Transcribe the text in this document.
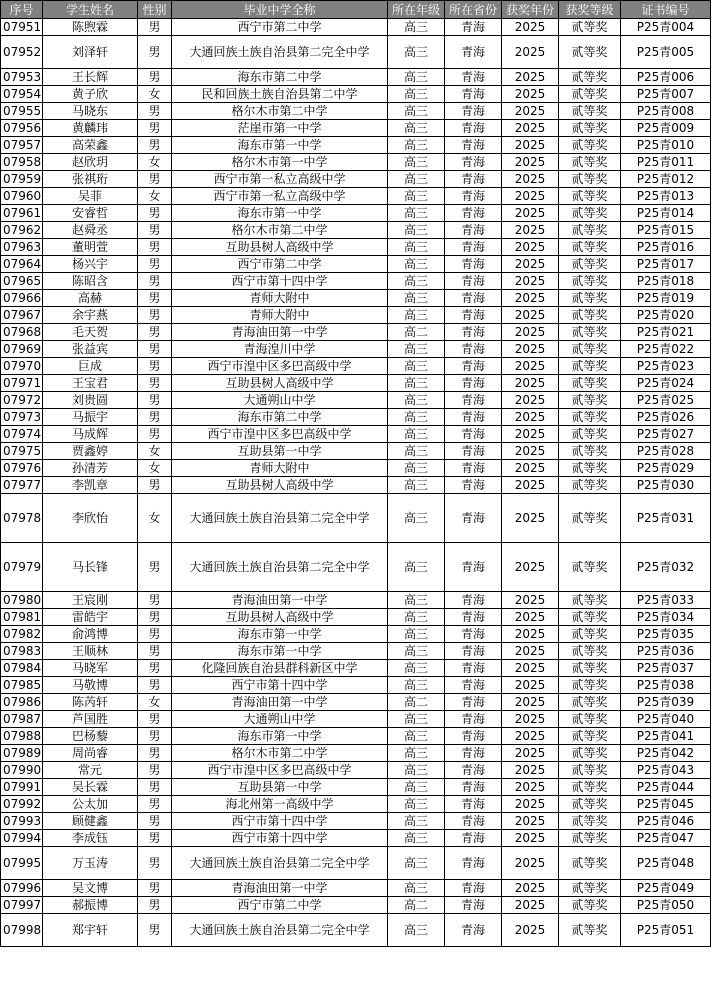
序号	学生姓名	性别	毕业中学全称	所在年级	所在省份	获奖年份	获奖等级	证书编号
07951	陈煦霖	男	西宁市第二中学	高三	青海	2025	贰等奖	P25青004
07952	刘泽轩	男	大通回族土族自治县第二完全中学	高三	青海	2025	贰等奖	P25青005
07953	王长辉	男	海东市第二中学	高三	青海	2025	贰等奖	P25青006
07954	黄子欣	女	民和回族土族自治县第二中学	高三	青海	2025	贰等奖	P25青007
07955	马晓东	男	格尔木市第二中学	高三	青海	2025	贰等奖	P25青008
07956	黄麟玮	男	茫崖市第一中学	高三	青海	2025	贰等奖	P25青009
07957	高荣鑫	男	海东市第一中学	高三	青海	2025	贰等奖	P25青010
07958	赵欣玥	女	格尔木市第一中学	高三	青海	2025	贰等奖	P25青011
07959	张祺珩	男	西宁市第一私立高级中学	高三	青海	2025	贰等奖	P25青012
07960	吴菲	女	西宁市第一私立高级中学	高三	青海	2025	贰等奖	P25青013
07961	安睿哲	男	海东市第一中学	高三	青海	2025	贰等奖	P25青014
07962	赵舜丞	男	格尔木市第二中学	高三	青海	2025	贰等奖	P25青015
07963	董明萱	男	互助县树人高级中学	高三	青海	2025	贰等奖	P25青016
07964	杨兴宇	男	西宁市第二中学	高三	青海	2025	贰等奖	P25青017
07965	陈昭含	男	西宁市第十四中学	高三	青海	2025	贰等奖	P25青018
07966	高赫	男	青师大附中	高三	青海	2025	贰等奖	P25青019
07967	余宇燕	男	青师大附中	高三	青海	2025	贰等奖	P25青020
07968	毛天贺	男	青海油田第一中学	高二	青海	2025	贰等奖	P25青021
07969	张益宾	男	青海湟川中学	高三	青海	2025	贰等奖	P25青022
07970	巨成	男	西宁市湟中区多巴高级中学	高三	青海	2025	贰等奖	P25青023
07971	王宝君	男	互助县树人高级中学	高三	青海	2025	贰等奖	P25青024
07972	刘贵圆	男	大通朔山中学	高三	青海	2025	贰等奖	P25青025
07973	马振宇	男	海东市第二中学	高三	青海	2025	贰等奖	P25青026
07974	马成辉	男	西宁市湟中区多巴高级中学	高三	青海	2025	贰等奖	P25青027
07975	贾鑫婷	女	互助县第一中学	高三	青海	2025	贰等奖	P25青028
07976	孙清芳	女	青师大附中	高三	青海	2025	贰等奖	P25青029
07977	李凯章	男	互助县树人高级中学	高三	青海	2025	贰等奖	P25青030
07978	李欣怡	女	大通回族土族自治县第二完全中学	高三	青海	2025	贰等奖	P25青031
07979	马长锋	男	大通回族土族自治县第二完全中学	高三	青海	2025	贰等奖	P25青032
07980	王宸刚	男	青海油田第一中学	高三	青海	2025	贰等奖	P25青033
07981	雷皓宇	男	互助县树人高级中学	高三	青海	2025	贰等奖	P25青034
07982	俞鸿博	男	海东市第一中学	高三	青海	2025	贰等奖	P25青035
07983	王顺林	男	海东市第一中学	高三	青海	2025	贰等奖	P25青036
07984	马晓军	男	化隆回族自治县群科新区中学	高三	青海	2025	贰等奖	P25青037
07985	马敬博	男	西宁市第十四中学	高三	青海	2025	贰等奖	P25青038
07986	陈芮轩	女	青海油田第一中学	高二	青海	2025	贰等奖	P25青039
07987	芦国胜	男	大通朔山中学	高三	青海	2025	贰等奖	P25青040
07988	巴杨藜	男	海东市第一中学	高三	青海	2025	贰等奖	P25青041
07989	周尚睿	男	格尔木市第二中学	高三	青海	2025	贰等奖	P25青042
07990	常元	男	西宁市湟中区多巴高级中学	高三	青海	2025	贰等奖	P25青043
07991	吴长霖	男	互助县第一中学	高三	青海	2025	贰等奖	P25青044
07992	公太加	男	海北州第一高级中学	高三	青海	2025	贰等奖	P25青045
07993	顾健鑫	男	西宁市第十四中学	高三	青海	2025	贰等奖	P25青046
07994	李成钰	男	西宁市第十四中学	高三	青海	2025	贰等奖	P25青047
07995	万玉涛	男	大通回族土族自治县第二完全中学	高三	青海	2025	贰等奖	P25青048
07996	吴文博	男	青海油田第一中学	高三	青海	2025	贰等奖	P25青049
07997	郝振博	男	西宁市第二中学	高二	青海	2025	贰等奖	P25青050
07998	郑宇轩	男	大通回族土族自治县第二完全中学	高三	青海	2025	贰等奖	P25青051
